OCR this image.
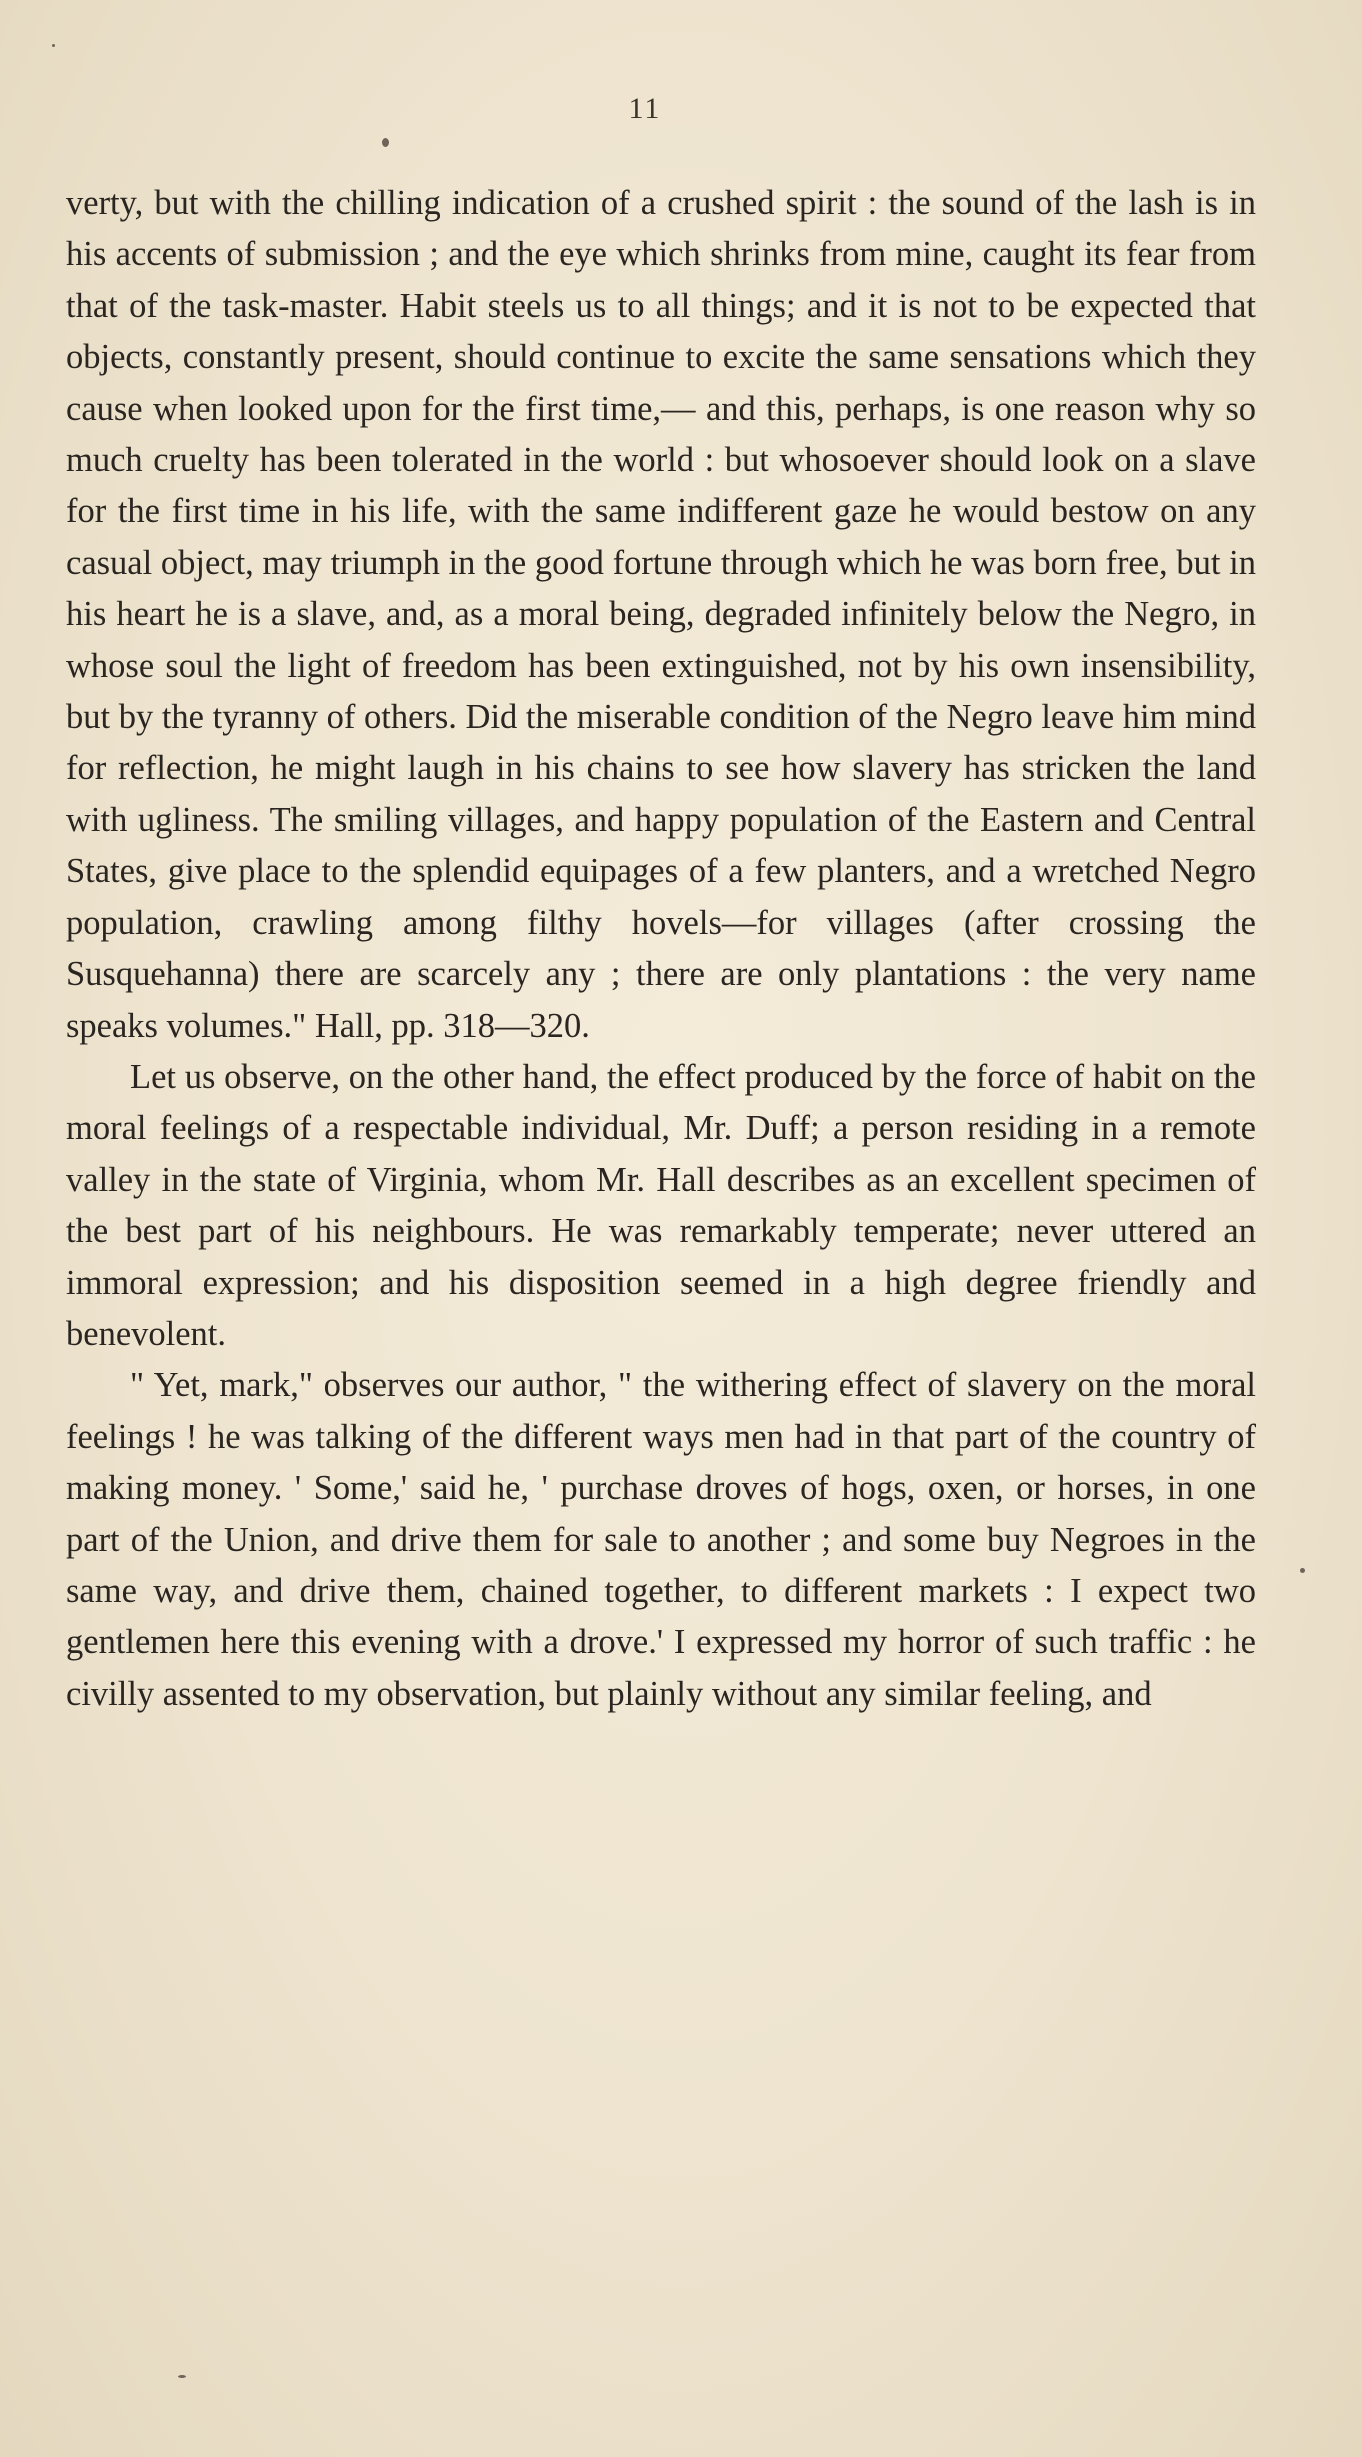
11

verty, but with the chilling indication of a crushed spirit : the sound of the lash is in his accents of submission ; and the eye which shrinks from mine, caught its fear from that of the task-master. Habit steels us to all things; and it is not to be expected that objects, constantly present, should continue to excite the same sensations which they cause when looked upon for the first time,— and this, perhaps, is one reason why so much cruelty has been tolerated in the world : but whosoever should look on a slave for the first time in his life, with the same indifferent gaze he would bestow on any casual object, may triumph in the good fortune through which he was born free, but in his heart he is a slave, and, as a moral being, degraded infinitely below the Negro, in whose soul the light of freedom has been extinguished, not by his own insensibility, but by the tyranny of others. Did the miserable condition of the Negro leave him mind for reflection, he might laugh in his chains to see how slavery has stricken the land with ugliness. The smiling villages, and happy population of the Eastern and Central States, give place to the splendid equipages of a few planters, and a wretched Negro population, crawling among filthy hovels—for villages (after crossing the Susquehanna) there are scarcely any ; there are only plantations : the very name speaks volumes." Hall, pp. 318—320.

Let us observe, on the other hand, the effect produced by the force of habit on the moral feelings of a respectable individual, Mr. Duff; a person residing in a remote valley in the state of Virginia, whom Mr. Hall describes as an excellent specimen of the best part of his neighbours. He was remarkably temperate; never uttered an immoral expression; and his disposition seemed in a high degree friendly and benevolent.

" Yet, mark," observes our author, " the withering effect of slavery on the moral feelings ! he was talking of the different ways men had in that part of the country of making money. ' Some,' said he, ' purchase droves of hogs, oxen, or horses, in one part of the Union, and drive them for sale to another ; and some buy Negroes in the same way, and drive them, chained together, to different markets : I expect two gentlemen here this evening with a drove.' I expressed my horror of such traffic : he civilly assented to my observation, but plainly without any similar feeling, and
